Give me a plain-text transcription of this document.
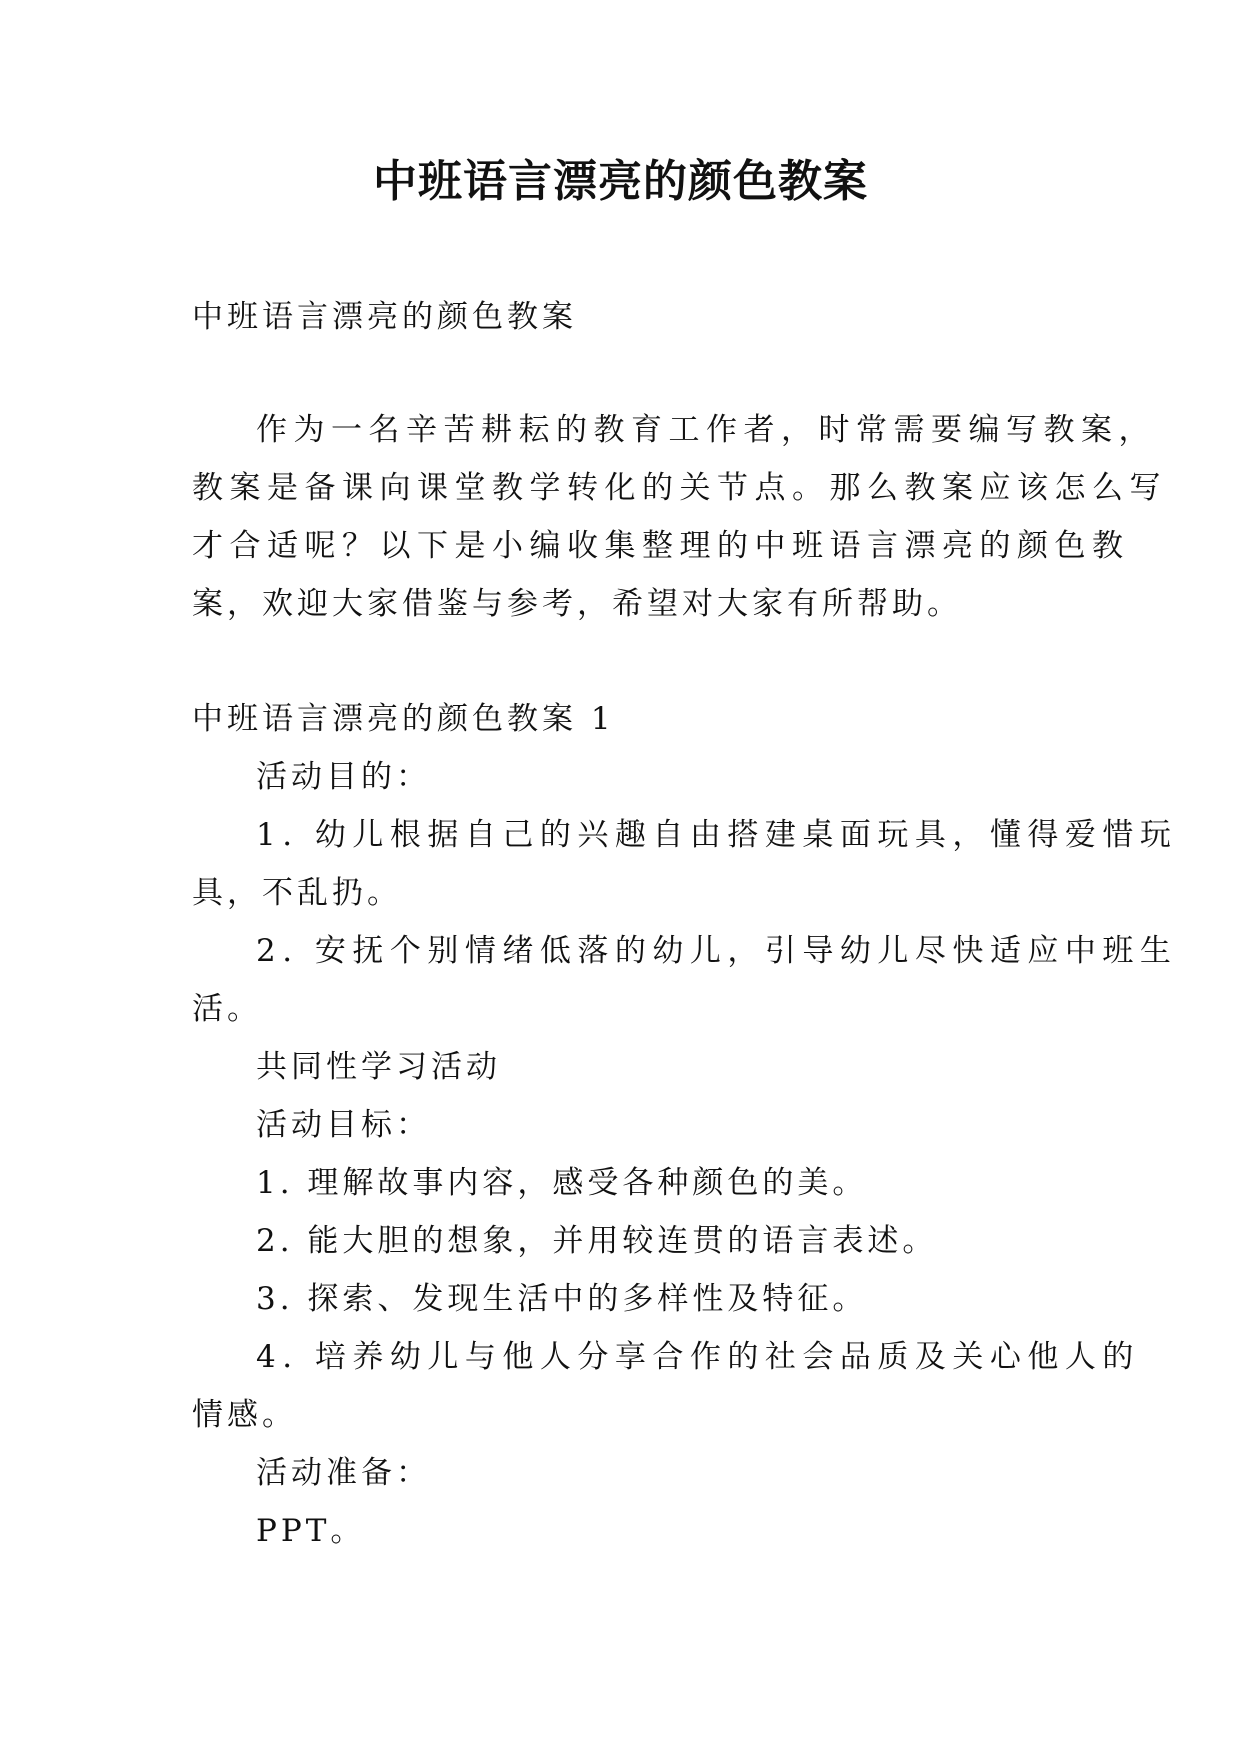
中班语言漂亮的颜色教案
中班语言漂亮的颜色教案
作为一名辛苦耕耘的教育工作者，时常需要编写教案，
教案是备课向课堂教学转化的关节点。那么教案应该怎么写
才合适呢？以下是小编收集整理的中班语言漂亮的颜色教
案，欢迎大家借鉴与参考，希望对大家有所帮助。
中班语言漂亮的颜色教案 1
活动目的：
1. 幼儿根据自己的兴趣自由搭建桌面玩具，懂得爱惜玩
具，不乱扔。
2. 安抚个别情绪低落的幼儿，引导幼儿尽快适应中班生
活。
共同性学习活动
活动目标：
1. 理解故事内容，感受各种颜色的美。
2. 能大胆的想象，并用较连贯的语言表述。
3. 探索、发现生活中的多样性及特征。
4. 培养幼儿与他人分享合作的社会品质及关心他人的
情感。
活动准备：
PPT。
